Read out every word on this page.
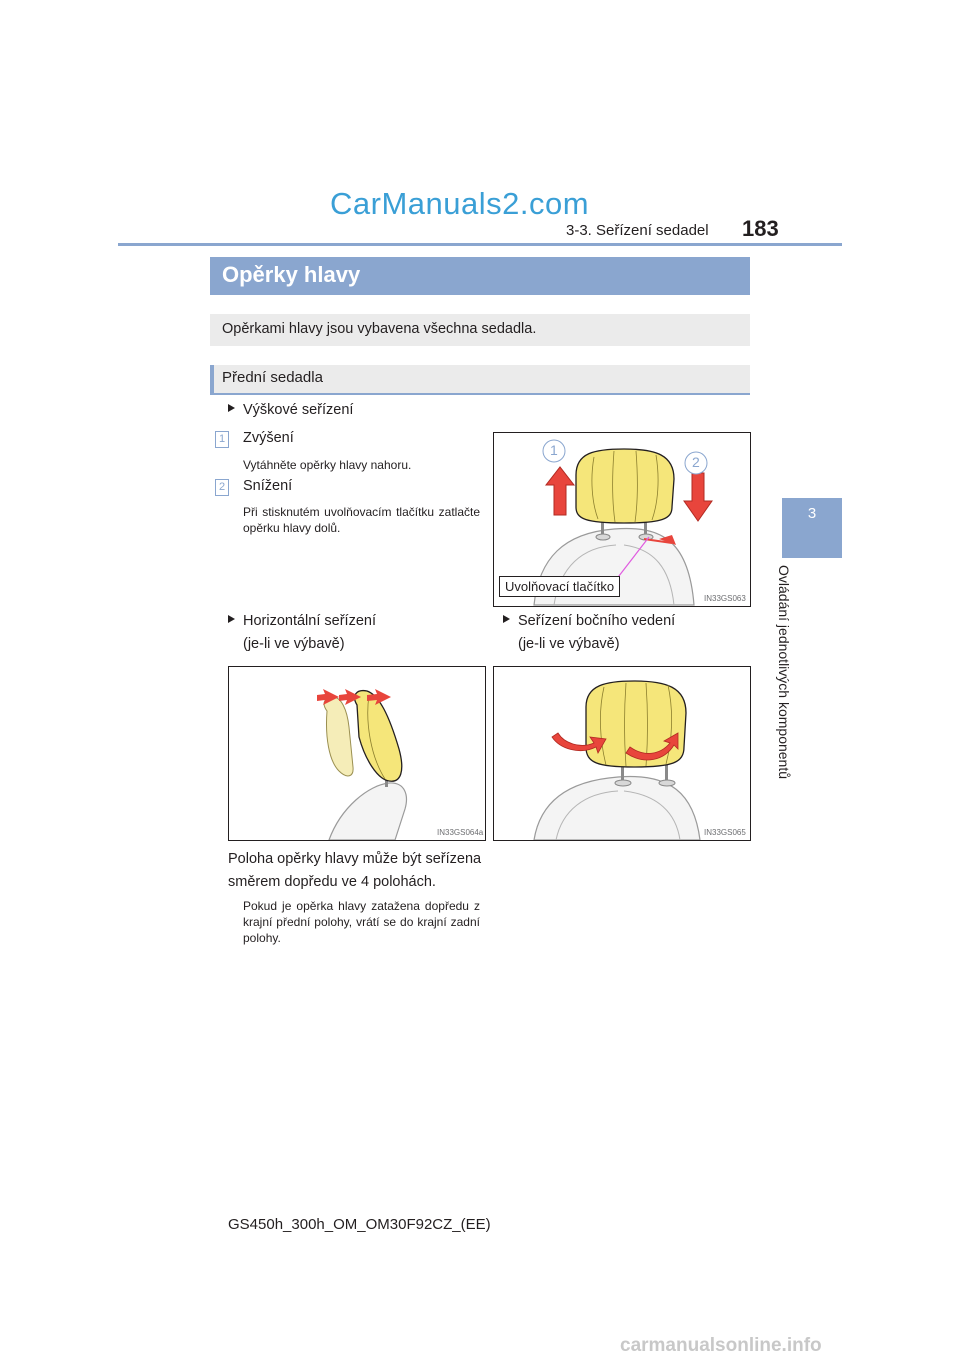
CarManuals2.com
3-3. Seřízení sedadel 183
3
Ovládání jednotlivých komponentů
Opěrky hlavy
Opěrkami hlavy jsou vybavena všechna sedadla.
Přední sedadla
Výškové seřízení
1 Zvýšení
Vytáhněte opěrky hlavy nahoru.
2 Snížení
Při stisknutém uvolňovacím tlačítku zatlačte opěrku hlavy dolů.
1
2
Uvolňovací tlačítko
IN33GS063
Horizontální seřízení
(je-li ve výbavě)
Seřízení bočního vedení
(je-li ve výbavě)
IN33GS064a	IN33GS065
Poloha opěrky hlavy může být seřízena
směrem dopředu ve 4 polohách.
Pokud je opěrka hlavy zatažena dopředu z krajní přední polohy, vrátí se do krajní zadní polohy.
GS450h_300h_OM_OM30F92CZ_(EE)
carmanualsonline.info
